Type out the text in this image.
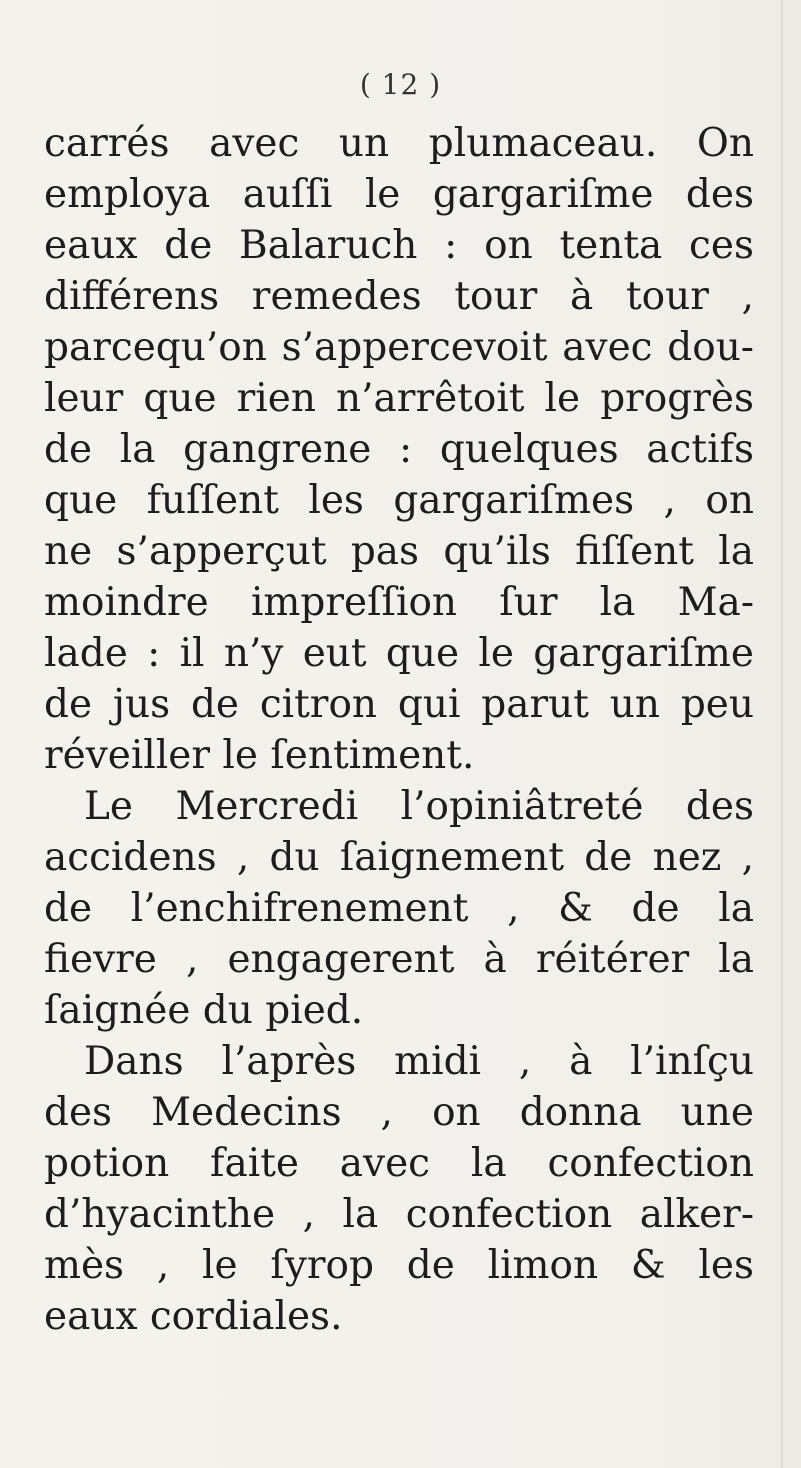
( 12 )
carrés avec un plumaceau. On
employa auſſi le gargariſme des
eaux de Balaruch : on tenta ces
différens remedes tour à tour ,
parcequ’on s’appercevoit avec dou-
leur que rien n’arrêtoit le progrès
de la gangrene : quelques actifs
que fuſſent les gargariſmes , on
ne s’apperçut pas qu’ils fiſſent la
moindre impreſſion ſur la Ma-
lade : il n’y eut que le gargariſme
de jus de citron qui parut un peu
réveiller le ſentiment.
Le Mercredi l’opiniâtreté des
accidens , du ſaignement de nez ,
de l’enchifrenement , & de la
fievre , engagerent à réitérer la
ſaignée du pied.
Dans l’après midi , à l’inſçu
des Medecins , on donna une
potion faite avec la confection
d’hyacinthe , la confection alker-
mès , le ſyrop de limon & les
eaux cordiales.
